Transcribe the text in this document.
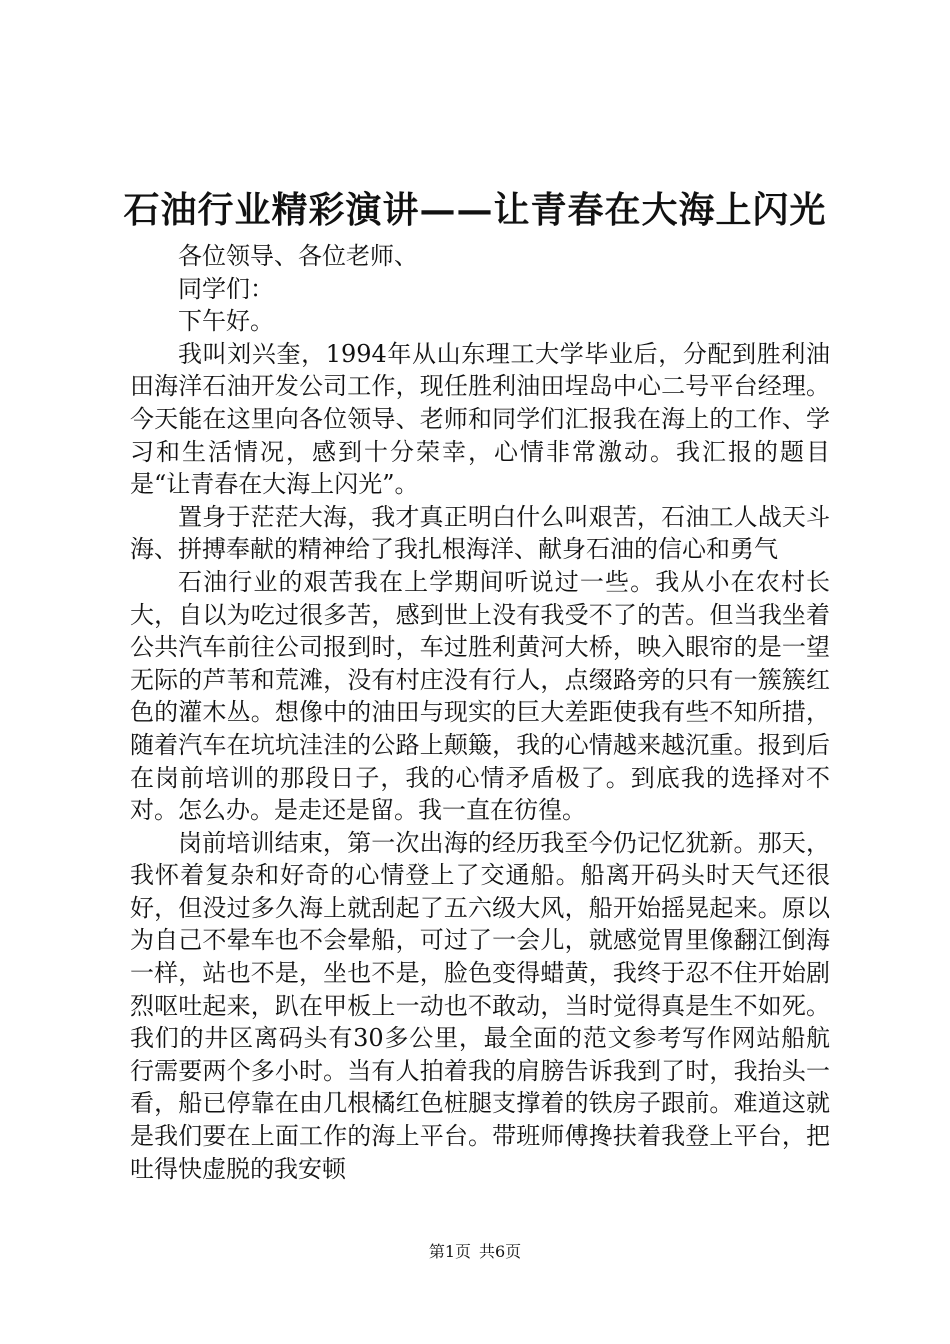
石油行业精彩演讲——让青春在大海上闪光

各位领导、各位老师、

同学们：

下午好。

我叫刘兴奎，1994年从山东理工大学毕业后，分配到胜利油田海洋石油开发公司工作，现任胜利油田埕岛中心二号平台经理。今天能在这里向各位领导、老师和同学们汇报我在海上的工作、学习和生活情况，感到十分荣幸，心情非常激动。我汇报的题目是“让青春在大海上闪光”。

置身于茫茫大海，我才真正明白什么叫艰苦，石油工人战天斗海、拼搏奉献的精神给了我扎根海洋、献身石油的信心和勇气

石油行业的艰苦我在上学期间听说过一些。我从小在农村长大，自以为吃过很多苦，感到世上没有我受不了的苦。但当我坐着公共汽车前往公司报到时，车过胜利黄河大桥，映入眼帘的是一望无际的芦苇和荒滩，没有村庄没有行人，点缀路旁的只有一簇簇红色的灌木丛。想像中的油田与现实的巨大差距使我有些不知所措，随着汽车在坑坑洼洼的公路上颠簸，我的心情越来越沉重。报到后在岗前培训的那段日子，我的心情矛盾极了。到底我的选择对不对。怎么办。是走还是留。我一直在彷徨。

岗前培训结束，第一次出海的经历我至今仍记忆犹新。那天，我怀着复杂和好奇的心情登上了交通船。船离开码头时天气还很好，但没过多久海上就刮起了五六级大风，船开始摇晃起来。原以为自己不晕车也不会晕船，可过了一会儿，就感觉胃里像翻江倒海一样，站也不是，坐也不是，脸色变得蜡黄，我终于忍不住开始剧烈呕吐起来，趴在甲板上一动也不敢动，当时觉得真是生不如死。我们的井区离码头有30多公里，最全面的范文参考写作网站船航行需要两个多小时。当有人拍着我的肩膀告诉我到了时，我抬头一看，船已停靠在由几根橘红色桩腿支撑着的铁房子跟前。难道这就是我们要在上面工作的海上平台。带班师傅搀扶着我登上平台，把吐得快虚脱的我安顿

第1页 共6页
